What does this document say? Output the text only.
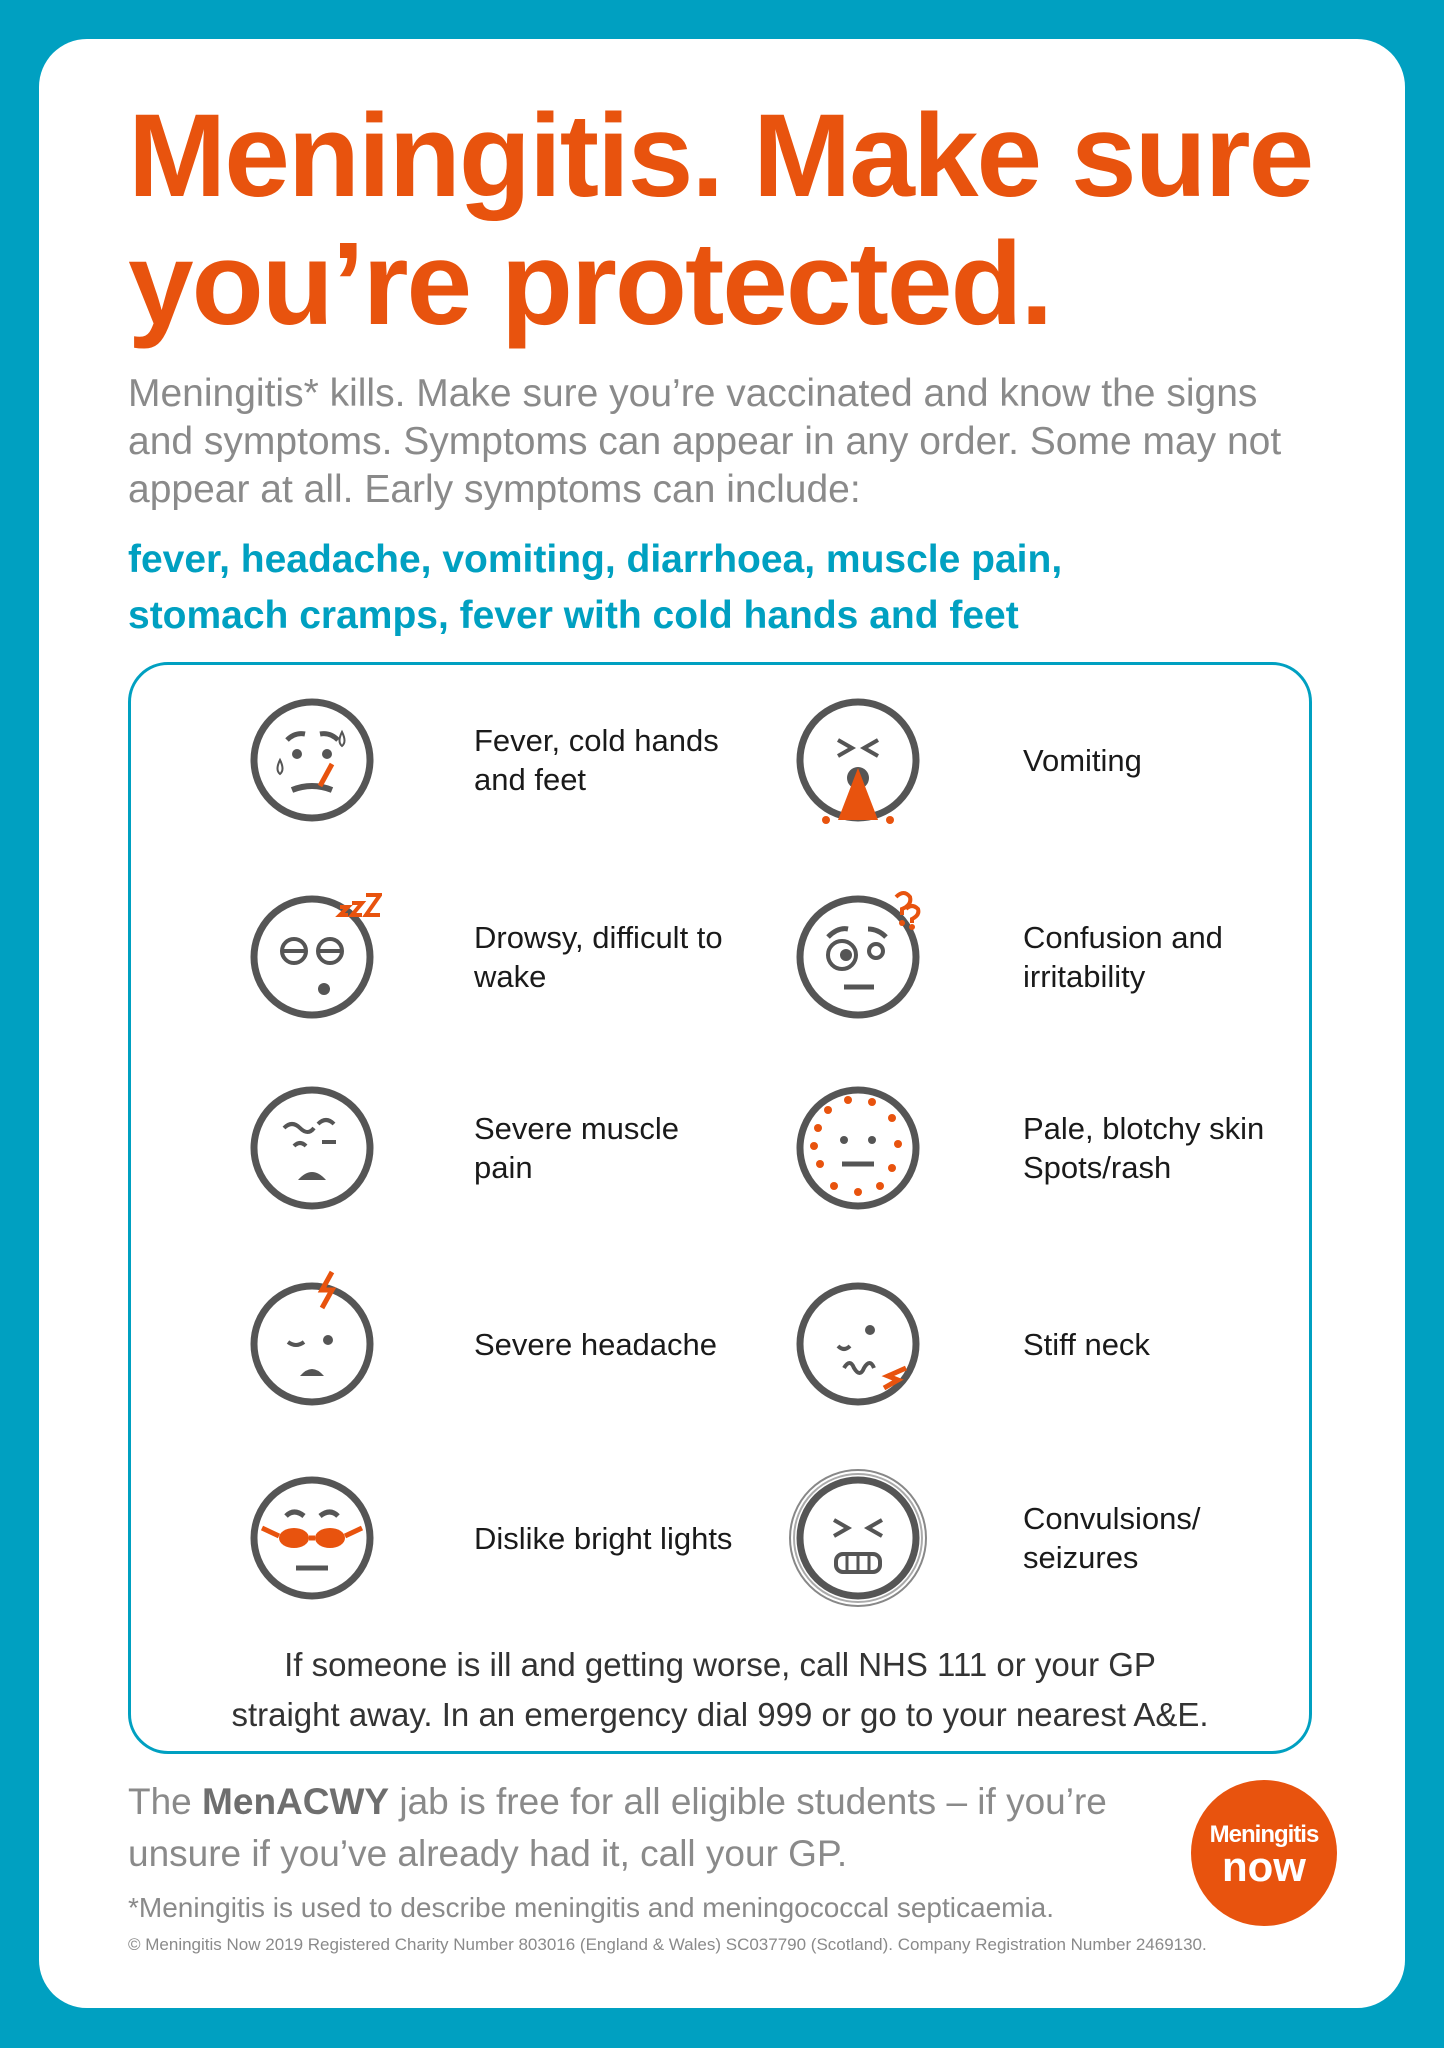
Meningitis. Make sure
you’re protected.
Meningitis* kills. Make sure you’re vaccinated and know the signs and symptoms. Symptoms can appear in any order. Some may not appear at all. Early symptoms can include:
fever, headache, vomiting, diarrhoea, muscle pain,
stomach cramps, fever with cold hands and feet
If someone is ill and getting worse, call NHS 111 or your GP
straight away. In an emergency dial 999 or go to your nearest A&E.
Fever, cold hands and feet
Vomiting
Drowsy, difficult to wake
Confusion and irritability
Severe muscle pain
Pale, blotchy skin Spots/rash
Severe headache	Stiff neck
Dislike bright lights
Convulsions/ seizures
The MenACWY jab is free for all eligible students – if you’re unsure if you’ve already had it, call your GP.
*Meningitis is used to describe meningitis and meningococcal septicaemia.
© Meningitis Now 2019 Registered Charity Number 803016 (England & Wales) SC037790 (Scotland). Company Registration Number 2469130.
Meningitis
now
